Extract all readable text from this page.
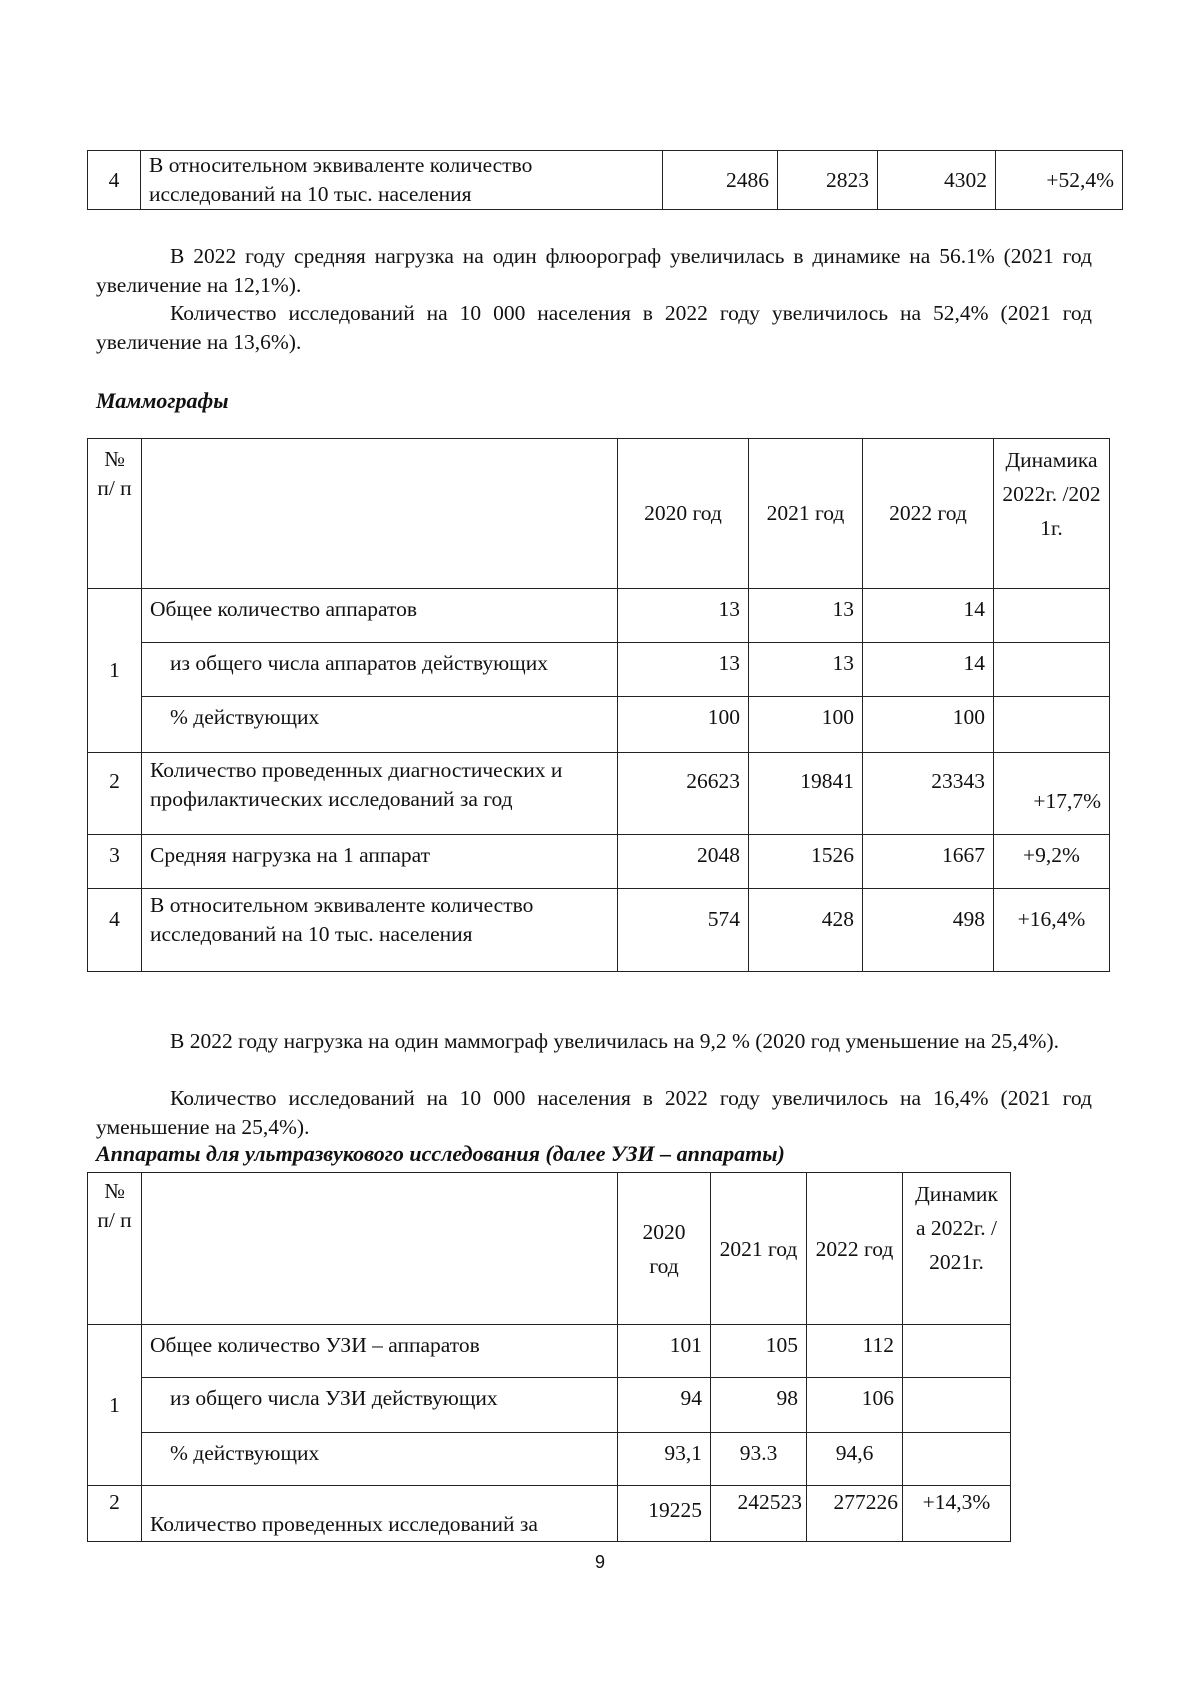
4	В относительном эквиваленте количество исследований на 10 тыс. населения	2486	2823	4302	+52,4%
В 2022 году средняя нагрузка на один флюорограф увеличилась в динамике на 56.1% (2021 год увеличение на 12,1%).
Количество исследований на 10 000 населения в 2022 году увеличилось на 52,4% (2021 год увеличение на 13,6%).
Маммографы
№ п/ п		2020 год	2021 год	2022 год	Динамика 2022г. /2021г.
1	Общее количество аппаратов	13	13	14	
	из общего числа аппаратов действующих	13	13	14	
	% действующих	100	100	100	
2	Количество проведенных диагностических и профилактических исследований за год	26623	19841	23343	+17,7%
3	Средняя нагрузка на 1 аппарат	2048	1526	1667	+9,2%
4	В относительном эквиваленте количество исследований на 10 тыс. населения	574	428	498	+16,4%
В 2022 году нагрузка на один маммограф увеличилась на 9,2 % (2020 год уменьшение на 25,4%).
Количество исследований на 10 000 населения в 2022 году увеличилось на 16,4% (2021 год уменьшение на 25,4%).
Аппараты для ультразвукового исследования (далее УЗИ – аппараты)
№ п/ п		2020 год	2021 год	2022 год	Динамика 2022г. /2021г.
1	Общее количество УЗИ – аппаратов	101	105	112	
	из общего числа УЗИ действующих	94	98	106	
	% действующих	93,1	93.3	94,6	
2	Количество проведенных исследований за	19225	242523	277226	+14,3%
9
